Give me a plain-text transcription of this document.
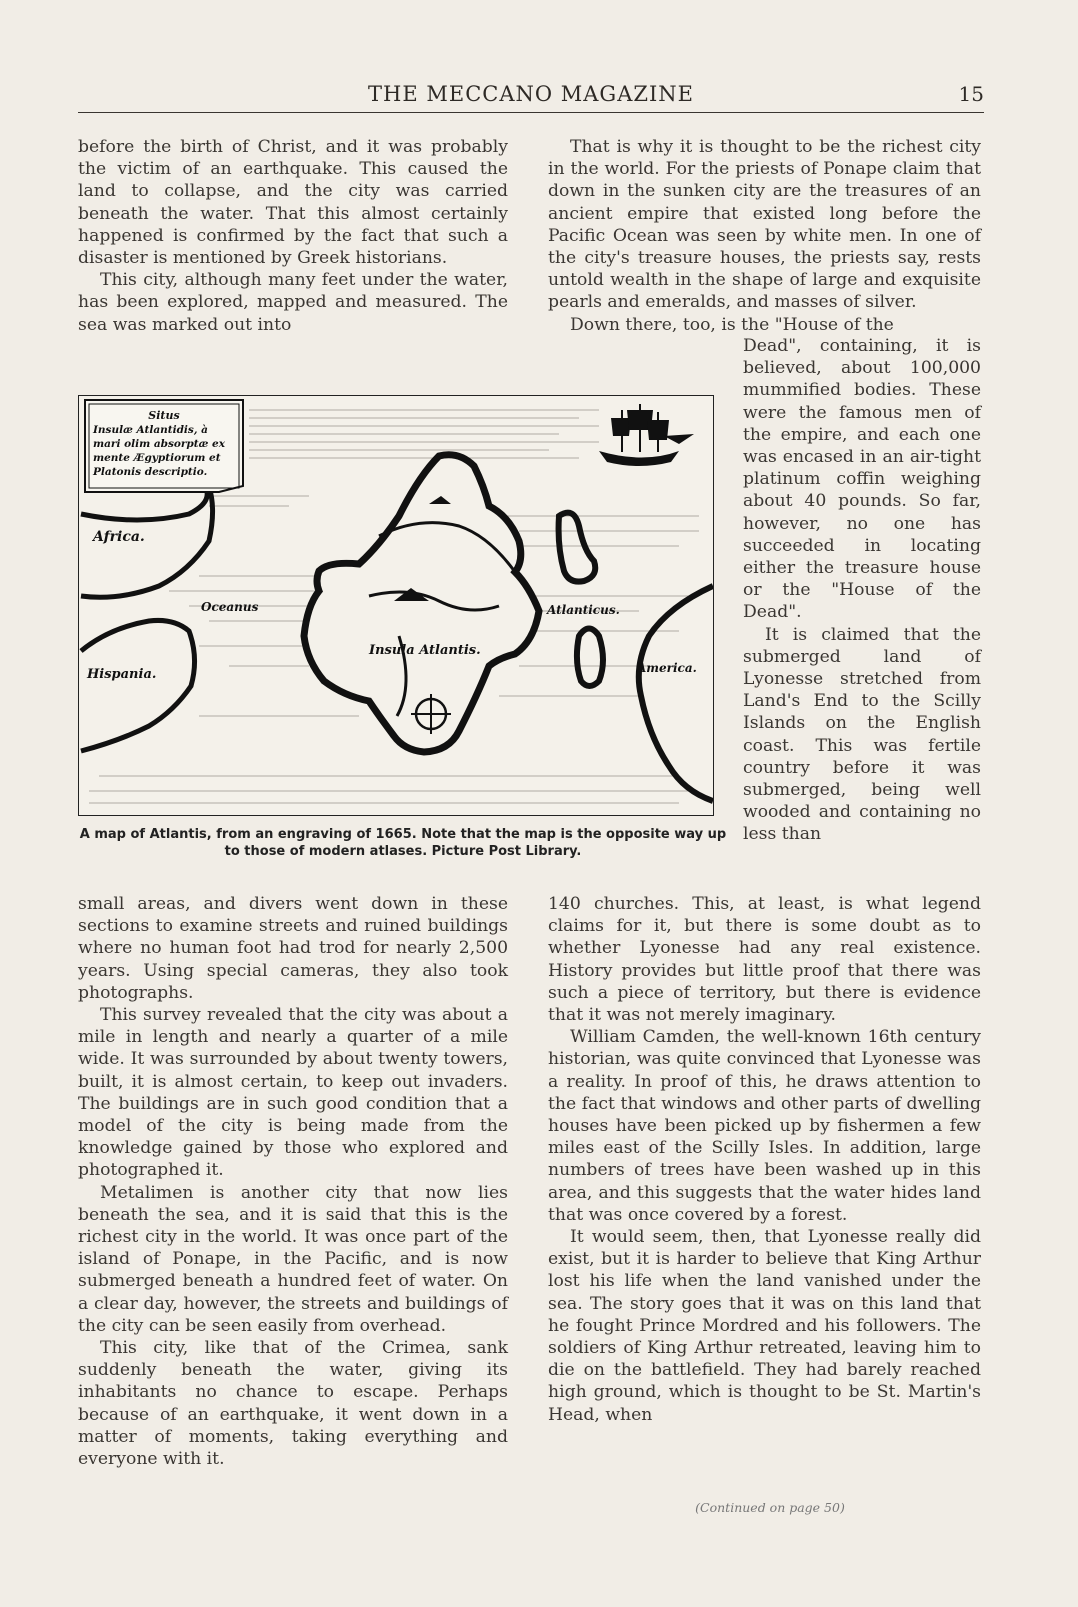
THE MECCANO MAGAZINE	15

before the birth of Christ, and it was probably the victim of an earthquake. This caused the land to collapse, and the city was carried beneath the water. That this almost certainly happened is confirmed by the fact that such a disaster is mentioned by Greek historians.

This city, although many feet under the water, has been explored, mapped and measured. The sea was marked out into

That is why it is thought to be the richest city in the world. For the priests of Ponape claim that down in the sunken city are the treasures of an ancient empire that existed long before the Pacific Ocean was seen by white men. In one of the city's treasure houses, the priests say, rests untold wealth in the shape of large and exquisite pearls and emeralds, and masses of silver.

Down there, too, is the "House of the

Dead", containing, it is believed, about 100,000 mummified bodies. These were the famous men of the empire, and each one was encased in an air-tight platinum coffin weighing about 40 pounds. So far, however, no one has succeeded in locating either the treasure house or the "House of the Dead".

It is claimed that the submerged land of Lyonesse stretched from Land's End to the Scilly Islands on the English coast. This was fertile country before it was submerged, being well wooded and containing no less than

Situs
Insulæ Atlantidis, à
mari olim absorptæ ex
mente Ægyptiorum et
Platonis descriptio.
Africa.
Hispania.
Oceanus	Atlanticus.
Insula Atlantis.
America.
A map of Atlantis, from an engraving of 1665. Note that the map is the opposite way up to those of modern atlases. Picture Post Library.

small areas, and divers went down in these sections to examine streets and ruined buildings where no human foot had trod for nearly 2,500 years. Using special cameras, they also took photographs.

This survey revealed that the city was about a mile in length and nearly a quarter of a mile wide. It was surrounded by about twenty towers, built, it is almost certain, to keep out invaders. The buildings are in such good condition that a model of the city is being made from the knowledge gained by those who explored and photographed it.

Metalimen is another city that now lies beneath the sea, and it is said that this is the richest city in the world. It was once part of the island of Ponape, in the Pacific, and is now submerged beneath a hundred feet of water. On a clear day, however, the streets and buildings of the city can be seen easily from overhead.

This city, like that of the Crimea, sank suddenly beneath the water, giving its inhabitants no chance to escape. Perhaps because of an earthquake, it went down in a matter of moments, taking everything and everyone with it.

140 churches. This, at least, is what legend claims for it, but there is some doubt as to whether Lyonesse had any real existence. History provides but little proof that there was such a piece of territory, but there is evidence that it was not merely imaginary.

William Camden, the well-known 16th century historian, was quite convinced that Lyonesse was a reality. In proof of this, he draws attention to the fact that windows and other parts of dwelling houses have been picked up by fishermen a few miles east of the Scilly Isles. In addition, large numbers of trees have been washed up in this area, and this suggests that the water hides land that was once covered by a forest.

It would seem, then, that Lyonesse really did exist, but it is harder to believe that King Arthur lost his life when the land vanished under the sea. The story goes that it was on this land that he fought Prince Mordred and his followers. The soldiers of King Arthur retreated, leaving him to die on the battlefield. They had barely reached high ground, which is thought to be St. Martin's Head, when

(Continued on page 50)
